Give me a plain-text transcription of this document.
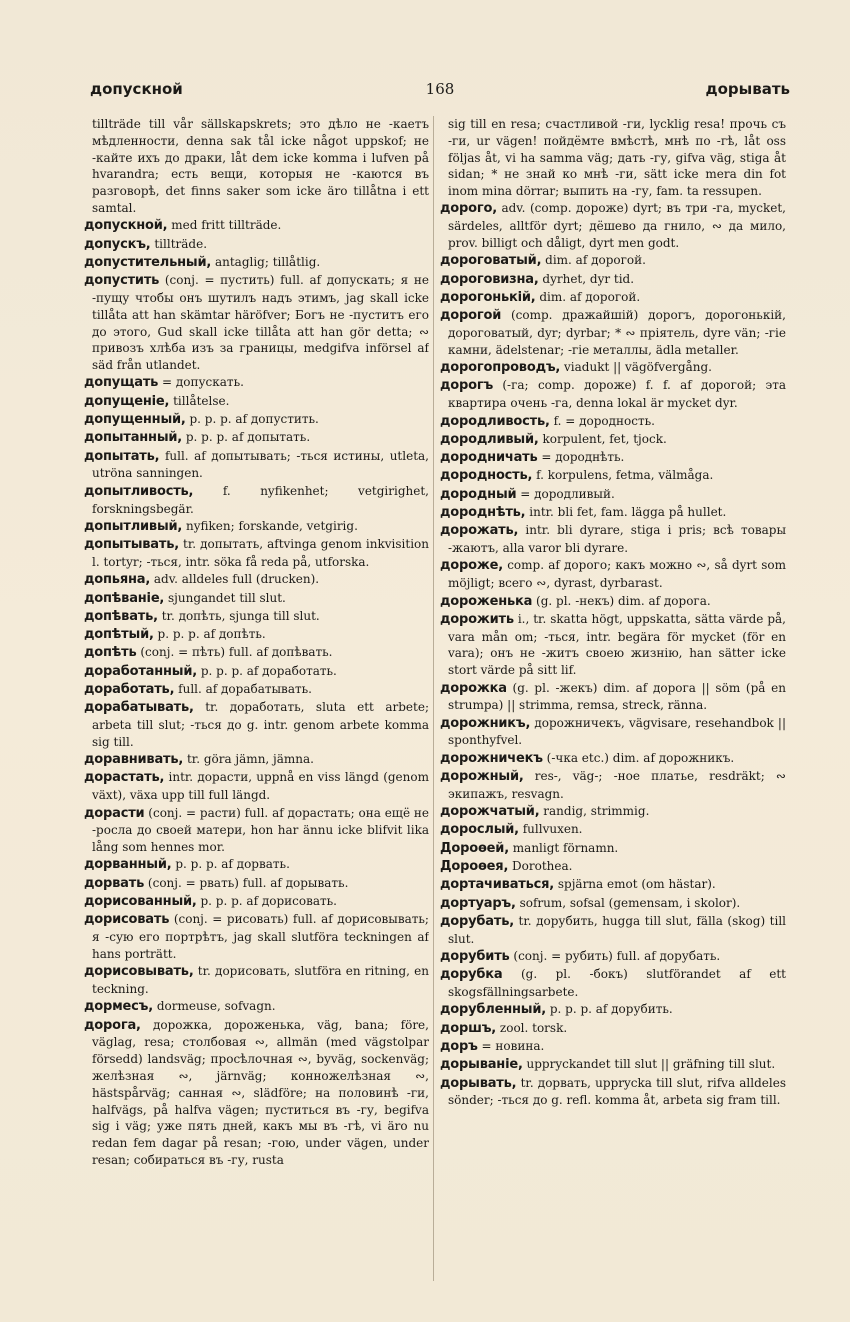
допускной	168	дорывать
tillträde till vår sällskapskrets; это дѣло не -каетъ мѣдленности, denna sak tål icke något uppskof; не -кайте ихъ до драки, låt dem icke komma i lufven på hvarandra; есть вещи, которыя не -каются въ разговорѣ, det finns saker som icke äro tillåtna i ett samtal.
допускной, med fritt tillträde.
допускъ, tillträde.
допустительный, antaglig; tillåtlig.
допустить (conj. = пустить) full. af допускать; я не -пущу чтобы онъ шутилъ надъ этимъ, jag skall icke tillåta att han skämtar häröfver; Богъ не -пуститъ его до этого, Gud skall icke tillåta att han gör detta; ∾ привозъ хлѣба изъ за границы, medgifva införsel af säd från utlandet.
допущать = допускать.
допущеніе, tillåtelse.
допущенный, p. p. p. af допустить.
допытанный, p. p. p. af допытать.
допытать, full. af допытывать; -ться истины, utleta, utröna sanningen.
допытливость, f. nyfikenhet; vetgirighet, forskningsbegär.
допытливый, nyfiken; forskande, vetgirig.
допытывать, tr. допытать, aftvinga genom inkvisition l. tortyr; -ться, intr. söka få reda på, utforska.
допьяна, adv. alldeles full (drucken).
допѣваніе, sjungandet till slut.
допѣвать, tr. допѣть, sjunga till slut.
допѣтый, p. p. p. af допѣть.
допѣть (conj. = пѣть) full. af допѣвать.
доработанный, p. p. p. af доработать.
доработать, full. af дорабатывать.
дорабатывать, tr. доработать, sluta ett arbete; arbeta till slut; -ться до g. intr. genom arbete komma sig till.
доравнивать, tr. göra jämn, jämna.
дорастать, intr. дорасти, uppnå en viss längd (genom växt), växa upp till full längd.
дорасти (conj. = расти) full. af дорастать; она ещё не -росла до своей матери, hon har ännu icke blifvit lika lång som hennes mor.
дорванный, p. p. p. af дорвать.
дорвать (conj. = рвать) full. af дорывать.
дорисованный, p. p. p. af дорисовать.
дорисовать (conj. = рисовать) full. af дорисовывать; я -сую его портрѣтъ, jag skall slutföra teckningen af hans porträtt.
дорисовывать, tr. дорисовать, slutföra en ritning, en teckning.
дормесъ, dormeuse, sofvagn.
дорога, дорожка, дороженька, väg, bana; före, väglag, resa; столбовая ∾, allmän (med vägstolpar försedd) landsväg; просѣлочная ∾, byväg, sockenväg; желѣзная ∾, järnväg; конножелѣзная ∾, hästspårväg; санная ∾, slädföre; на половинѣ -ги, halfvägs, på halfva vägen; пуститься въ -гу, begifva sig i väg; уже пять дней, какъ мы въ -гѣ, vi äro nu redan fem dagar på resan; -гою, under vägen, under resan; собираться въ -гу, rusta
sig till en resa; счастливой -ги, lycklig resa! прочь съ -ги, ur vägen! пойдёмте вмѣстѣ, мнѣ по -гѣ, låt oss följas åt, vi ha samma väg; дать -гу, gifva väg, stiga åt sidan; * не знай ко мнѣ -ги, sätt icke mera din fot inom mina dörrar; выпить на -гу, fam. ta ressupen.
дорого, adv. (comp. дороже) dyrt; въ три -га, mycket, särdeles, alltför dyrt; дёшево да гнило, ∾ да мило, prov. billigt och dåligt, dyrt men godt.
дороговатый, dim. af дорогой.
дороговизна, dyrhet, dyr tid.
дорогонькій, dim. af дорогой.
дорогой (comp. дражайшій) дорогъ, дорогонькій, дороговатый, dyr; dyrbar; * ∾ пріятель, dyre vän; -гіе камни, ädelstenar; -гіе металлы, ädla metaller.
дорогопроводъ, viadukt || vägöfvergång.
дорогъ (-га; comp. дороже) f. f. af дорогой; эта квартира очень -га, denna lokal är mycket dyr.
дородливость, f. = дородность.
дородливый, korpulent, fet, tjock.
дородничать = дороднѣть.
дородность, f. korpulens, fetma, välmåga.
дородный = дородливый.
дороднѣть, intr. bli fet, fam. lägga på hullet.
дорожать, intr. bli dyrare, stiga i pris; всѣ товары -жаютъ, alla varor bli dyrare.
дороже, comp. af дорого; какъ можно ∾, så dyrt som möjligt; всего ∾, dyrast, dyrbarast.
дороженька (g. pl. -некъ) dim. af дорога.
дорожить i., tr. skatta högt, uppskatta, sätta värde på, vara mån om; -ться, intr. begära för mycket (för en vara); онъ не -житъ своею жизнію, han sätter icke stort värde på sitt lif.
дорожка (g. pl. -жекъ) dim. af дорога || söm (på en strumpa) || strimma, remsa, streck, ränna.
дорожникъ, дорожничекъ, vägvisare, resehandbok || sponthyfvel.
дорожничекъ (-чка etc.) dim. af дорожникъ.
дорожный, res-, väg-; -ное платье, resdräkt; ∾ экипажъ, resvagn.
дорожчатый, randig, strimmig.
дорослый, fullvuxen.
Дороѳей, manligt förnamn.
Дороѳея, Dorothea.
дортачиваться, spjärna emot (om hästar).
дортуаръ, sofrum, sofsal (gemensam, i skolor).
дорубать, tr. дорубить, hugga till slut, fälla (skog) till slut.
дорубить (conj. = рубить) full. af дорубать.
дорубка (g. pl. -бокъ) slutförandet af ett skogsfällningsarbete.
дорубленный, p. p. p. af дорубить.
доршъ, zool. torsk.
доръ = новина.
дорываніе, uppryckandet till slut || gräfning till slut.
дорывать, tr. дорвать, uppryckа till slut, rifva alldeles sönder; -ться до g. refl. komma åt, arbeta sig fram till.
